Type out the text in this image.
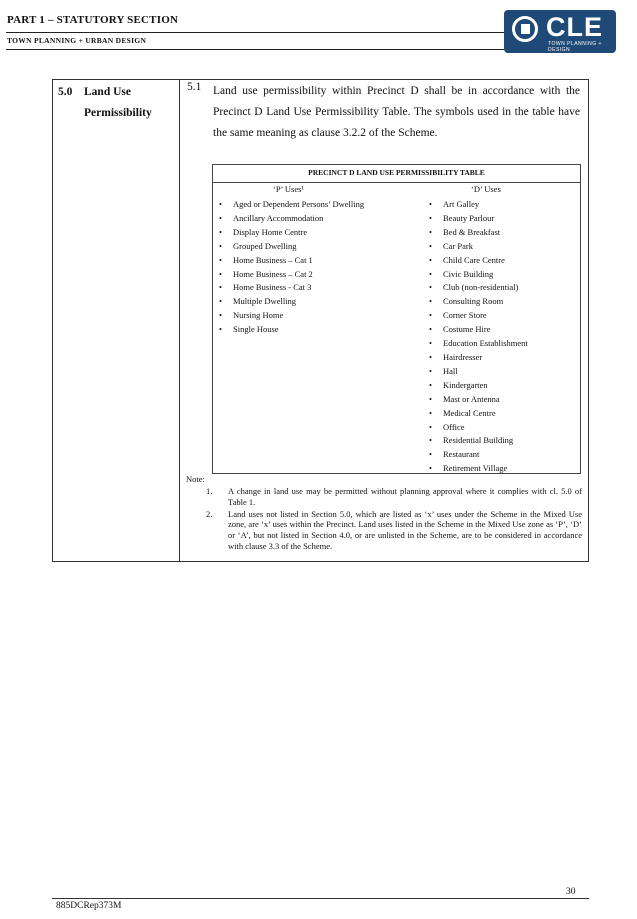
PART 1 – STATUTORY SECTION
TOWN PLANNING + URBAN DESIGN	CLE
TOWN PLANNING + DESIGN
5.0 Land Use
Permissibility
5.1 Land use permissibility within Precinct D shall be in accordance with the Precinct D Land Use Permissibility Table. The symbols used in the table have the same meaning as clause 3.2.2 of the Scheme.

PRECINCT D LAND USE PERMISSIBILITY TABLE
‘P’ Uses¹	‘D’ Uses
• Aged or Dependent Persons’ Dwelling
• Ancillary Accommodation
• Display Home Centre
• Grouped Dwelling
• Home Business – Cat 1
• Home Business – Cat 2
• Home Business - Cat 3
• Multiple Dwelling
• Nursing Home
• Single House
• Art Galley
• Beauty Parlour
• Bed & Breakfast
• Car Park
• Child Care Centre
• Civic Building
• Club (non-residential)
• Consulting Room
• Corner Store
• Costume Hire
• Education Establishment
• Hairdresser
• Hall
• Kindergarten
• Mast or Antenna
• Medical Centre
• Office
• Residential Building
• Restaurant
• Retirement Village
Note:
1. A change in land use may be permitted without planning approval where it complies with cl. 5.0 of Table 1.
2. Land uses not listed in Section 5.0, which are listed as ‘x’ uses under the Scheme in the Mixed Use zone, are ‘x’ uses within the Precinct. Land uses listed in the Scheme in the Mixed Use zone as ‘P’, ‘D’ or ‘A’, but not listed in Section 4.0, or are unlisted in the Scheme, are to be considered in accordance with clause 3.3 of the Scheme.
30
885DCRep373M
